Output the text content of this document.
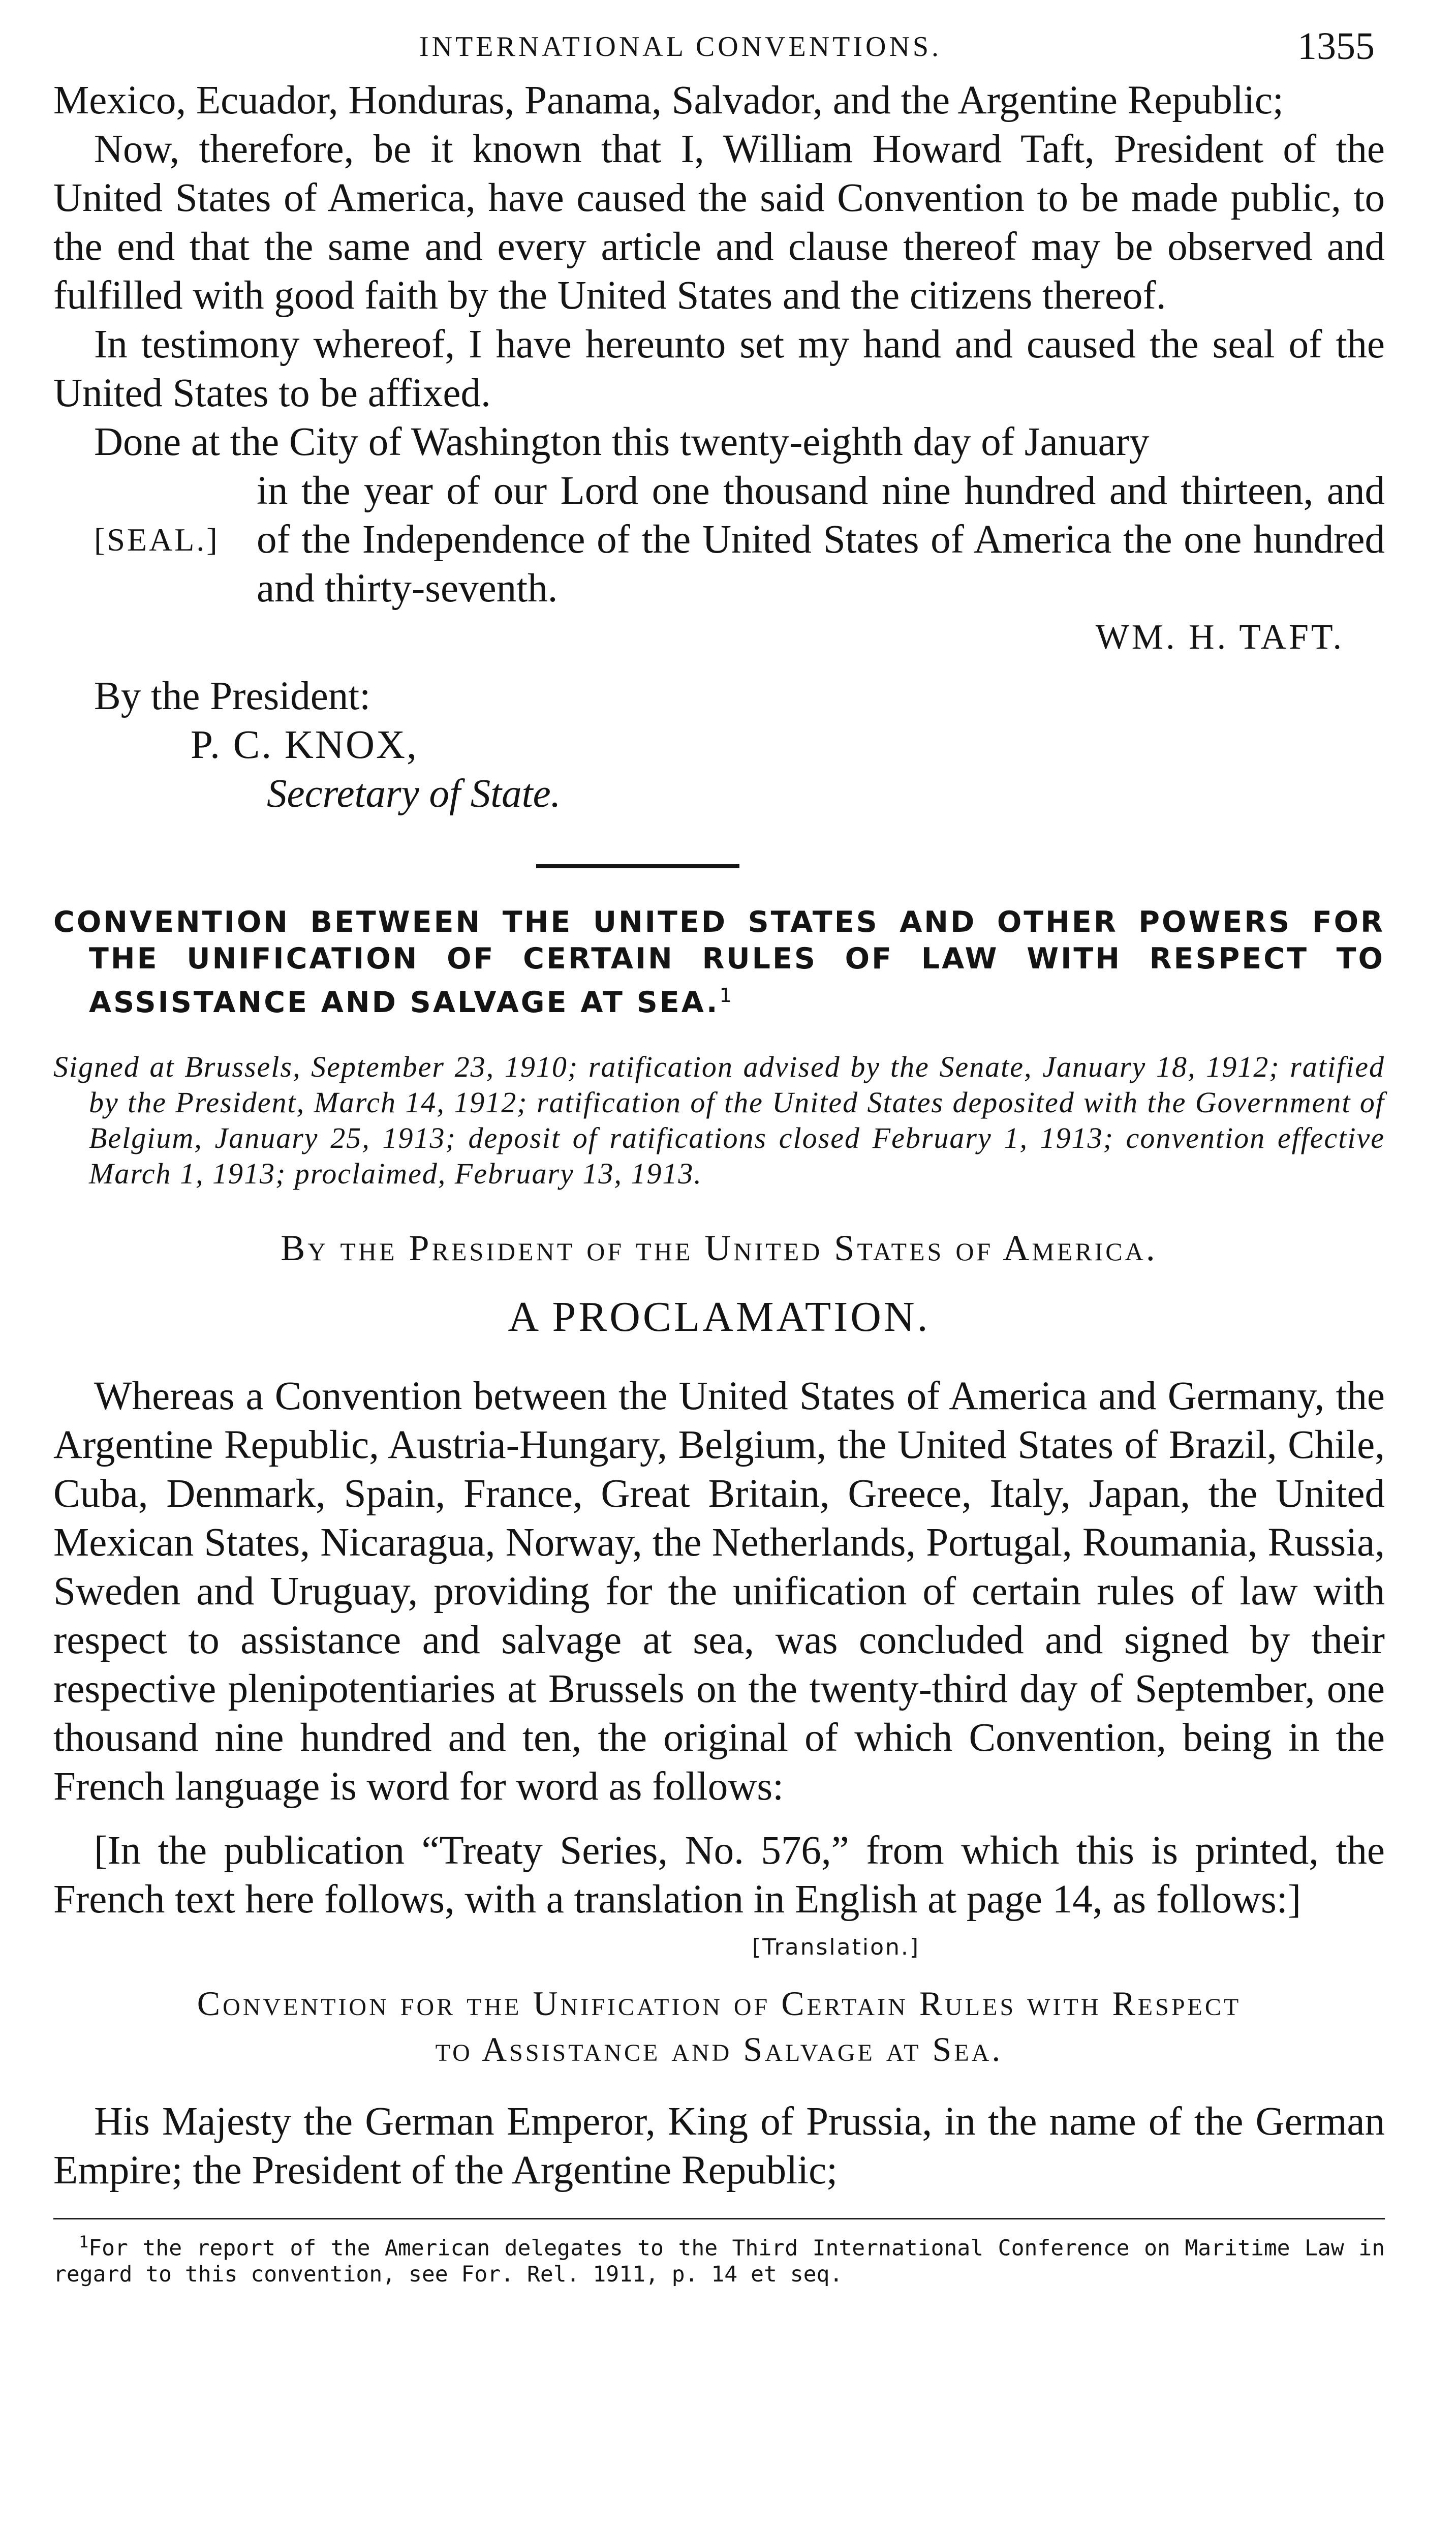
INTERNATIONAL CONVENTIONS.	1355

Mexico, Ecuador, Honduras, Panama, Salvador, and the Argentine Republic;

Now, therefore, be it known that I, William Howard Taft, President of the United States of America, have caused the said Convention to be made public, to the end that the same and every article and clause thereof may be observed and fulfilled with good faith by the United States and the citizens thereof.

In testimony whereof, I have hereunto set my hand and caused the seal of the United States to be affixed.

Done at the City of Washington this twenty-eighth day of January

[SEAL.]
in the year of our Lord one thousand nine hundred and thirteen, and of the Independence of the United States of America the one hundred and thirty-seventh.
WM. H. TAFT.
By the President:
P. C. KNOX,
Secretary of State.

CONVENTION BETWEEN THE UNITED STATES AND OTHER POWERS FOR THE UNIFICATION OF CERTAIN RULES OF LAW WITH RESPECT TO ASSISTANCE AND SALVAGE AT SEA.$^1$

Signed at Brussels, September 23, 1910; ratification advised by the Senate, January 18, 1912; ratified by the President, March 14, 1912; ratification of the United States deposited with the Government of Belgium, January 25, 1913; deposit of ratifications closed February 1, 1913; convention effective March 1, 1913; proclaimed, February 13, 1913.

By the President of the United States of America.
A PROCLAMATION.

Whereas a Convention between the United States of America and Germany, the Argentine Republic, Austria-Hungary, Belgium, the United States of Brazil, Chile, Cuba, Denmark, Spain, France, Great Britain, Greece, Italy, Japan, the United Mexican States, Nicaragua, Norway, the Netherlands, Portugal, Roumania, Russia, Sweden and Uruguay, providing for the unification of certain rules of law with respect to assistance and salvage at sea, was concluded and signed by their respective plenipotentiaries at Brussels on the twenty-third day of September, one thousand nine hundred and ten, the original of which Convention, being in the French language is word for word as follows:

[In the publication “Treaty Series, No. 576,” from which this is printed, the French text here follows, with a translation in English at page 14, as follows:]

[Translation.]
Convention for the Unification of Certain Rules with Respect
to Assistance and Salvage at Sea.

His Majesty the German Emperor, King of Prussia, in the name of the German Empire; the President of the Argentine Republic;

$^1$For the report of the American delegates to the Third International Conference on Maritime Law in regard to this convention, see For. Rel. 1911, p. 14 et seq.
